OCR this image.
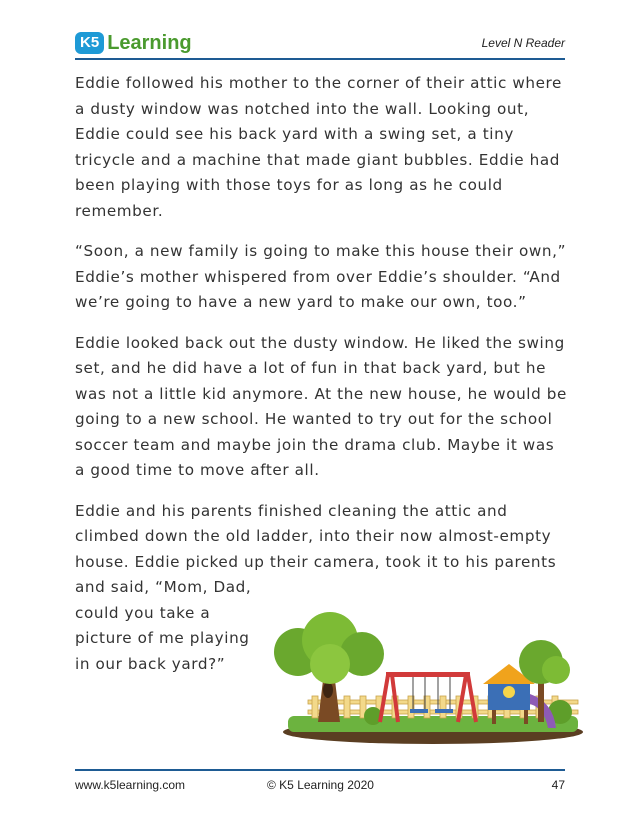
K5 Learning	Level N Reader

Eddie followed his mother to the corner of their attic where
a dusty window was notched into the wall. Looking out,
Eddie could see his back yard with a swing set, a tiny
tricycle and a machine that made giant bubbles. Eddie had
been playing with those toys for as long as he could
remember.

“Soon, a new family is going to make this house their own,”
Eddie’s mother whispered from over Eddie’s shoulder. “And
we’re going to have a new yard to make our own, too.”

Eddie looked back out the dusty window. He liked the swing
set, and he did have a lot of fun in that back yard, but he
was not a little kid anymore. At the new house, he would be
going to a new school. He wanted to try out for the school
soccer team and maybe join the drama club. Maybe it was
a good time to move after all.

Eddie and his parents finished cleaning the attic and
climbed down the old ladder, into their now almost-empty
house. Eddie picked up their camera, took it to his parents
and said, “Mom, Dad,
could you take a
picture of me playing
in our back yard?”

www.k5learning.com	© K5 Learning 2020	47
